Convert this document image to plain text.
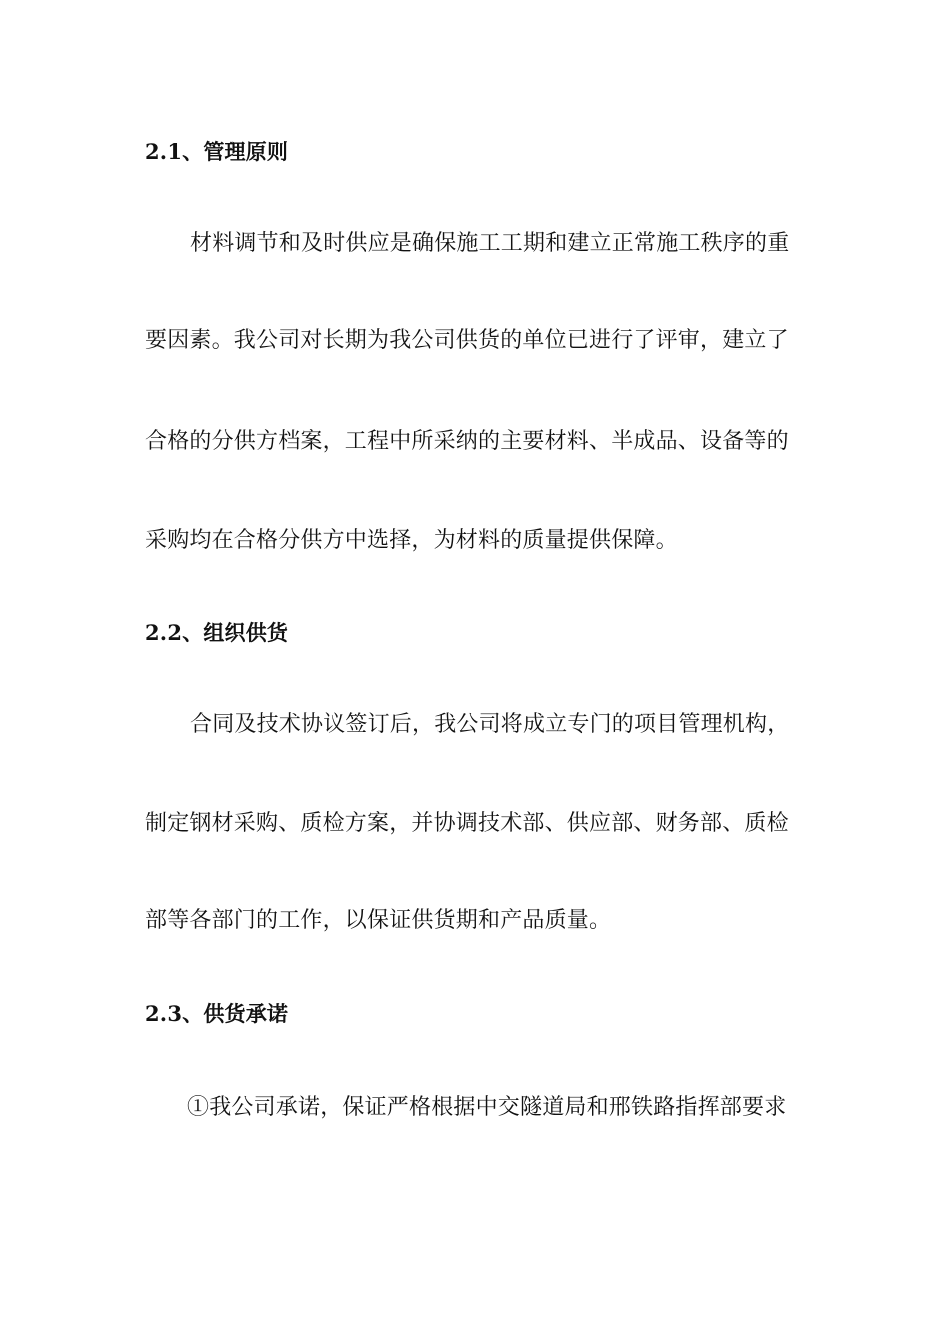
2.1、管理原则
材料调节和及时供应是确保施工工期和建立正常施工秩序的重
要因素。我公司对长期为我公司供货的单位已进行了评审，建立了
合格的分供方档案，工程中所采纳的主要材料、半成品、设备等的
采购均在合格分供方中选择，为材料的质量提供保障。
2.2、组织供货
合同及技术协议签订后，我公司将成立专门的项目管理机构，
制定钢材采购、质检方案，并协调技术部、供应部、财务部、质检
部等各部门的工作，以保证供货期和产品质量。
2.3、供货承诺
①我公司承诺，保证严格根据中交隧道局和邢铁路指挥部要求
